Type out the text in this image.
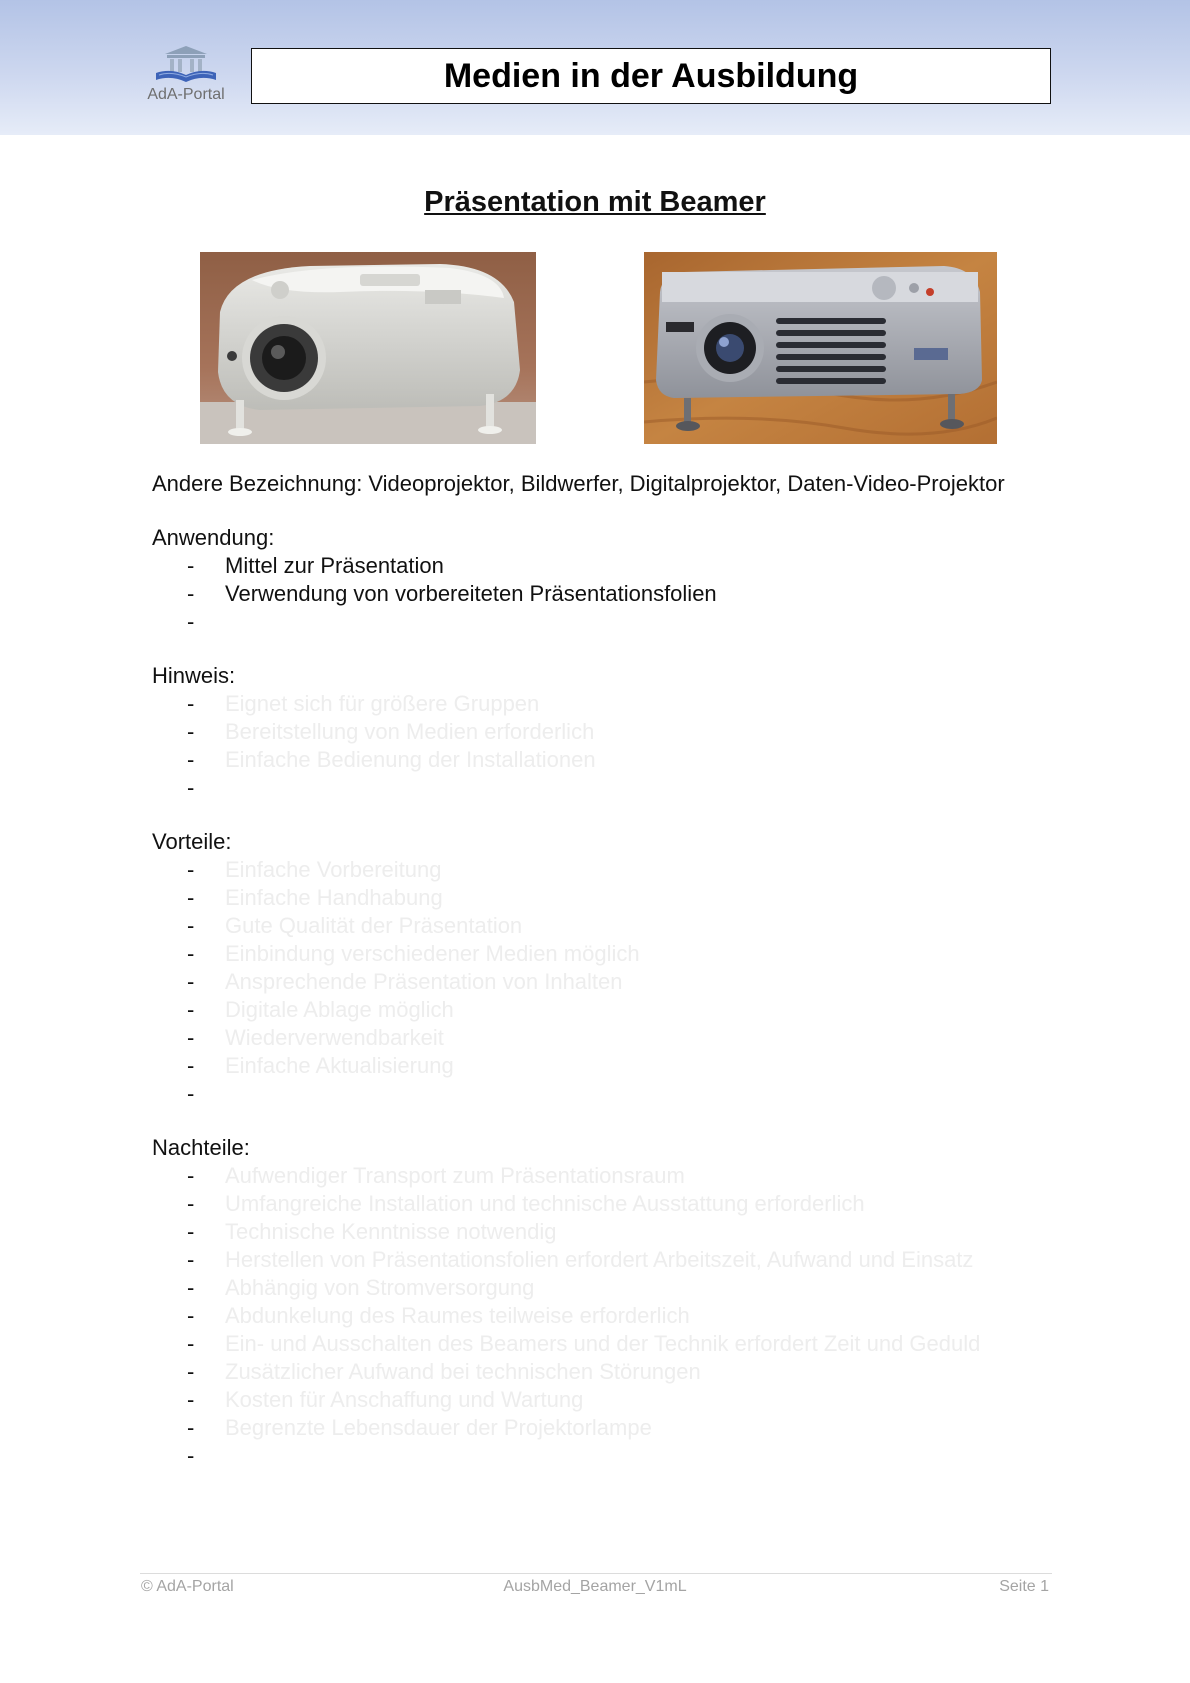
AdA-Portal	Medien in der Ausbildung
Präsentation mit Beamer
Andere Bezeichnung: Videoprojektor, Bildwerfer, Digitalprojektor, Daten-Video-Projektor
Anwendung:
- Mittel zur Präsentation
- Verwendung von vorbereiteten Präsentationsfolien
-
Hinweis:
- Eignet sich für größere Gruppen
- Bereitstellung von Medien erforderlich
- Einfache Bedienung der Installationen
-
Vorteile:
- Einfache Vorbereitung
- Einfache Handhabung
- Gute Qualität der Präsentation
- Einbindung verschiedener Medien möglich
- Ansprechende Präsentation von Inhalten
- Digitale Ablage möglich
- Wiederverwendbarkeit
- Einfache Aktualisierung
-
Nachteile:
- Aufwendiger Transport zum Präsentationsraum
- Umfangreiche Installation und technische Ausstattung erforderlich
- Technische Kenntnisse notwendig
- Herstellen von Präsentationsfolien erfordert Arbeitszeit, Aufwand und Einsatz
- Abhängig von Stromversorgung
- Abdunkelung des Raumes teilweise erforderlich
- Ein- und Ausschalten des Beamers und der Technik erfordert Zeit und Geduld
- Zusätzlicher Aufwand bei technischen Störungen
- Kosten für Anschaffung und Wartung
- Begrenzte Lebensdauer der Projektorlampe
-
© AdA-Portal	AusbMed_Beamer_V1mL	Seite 1
